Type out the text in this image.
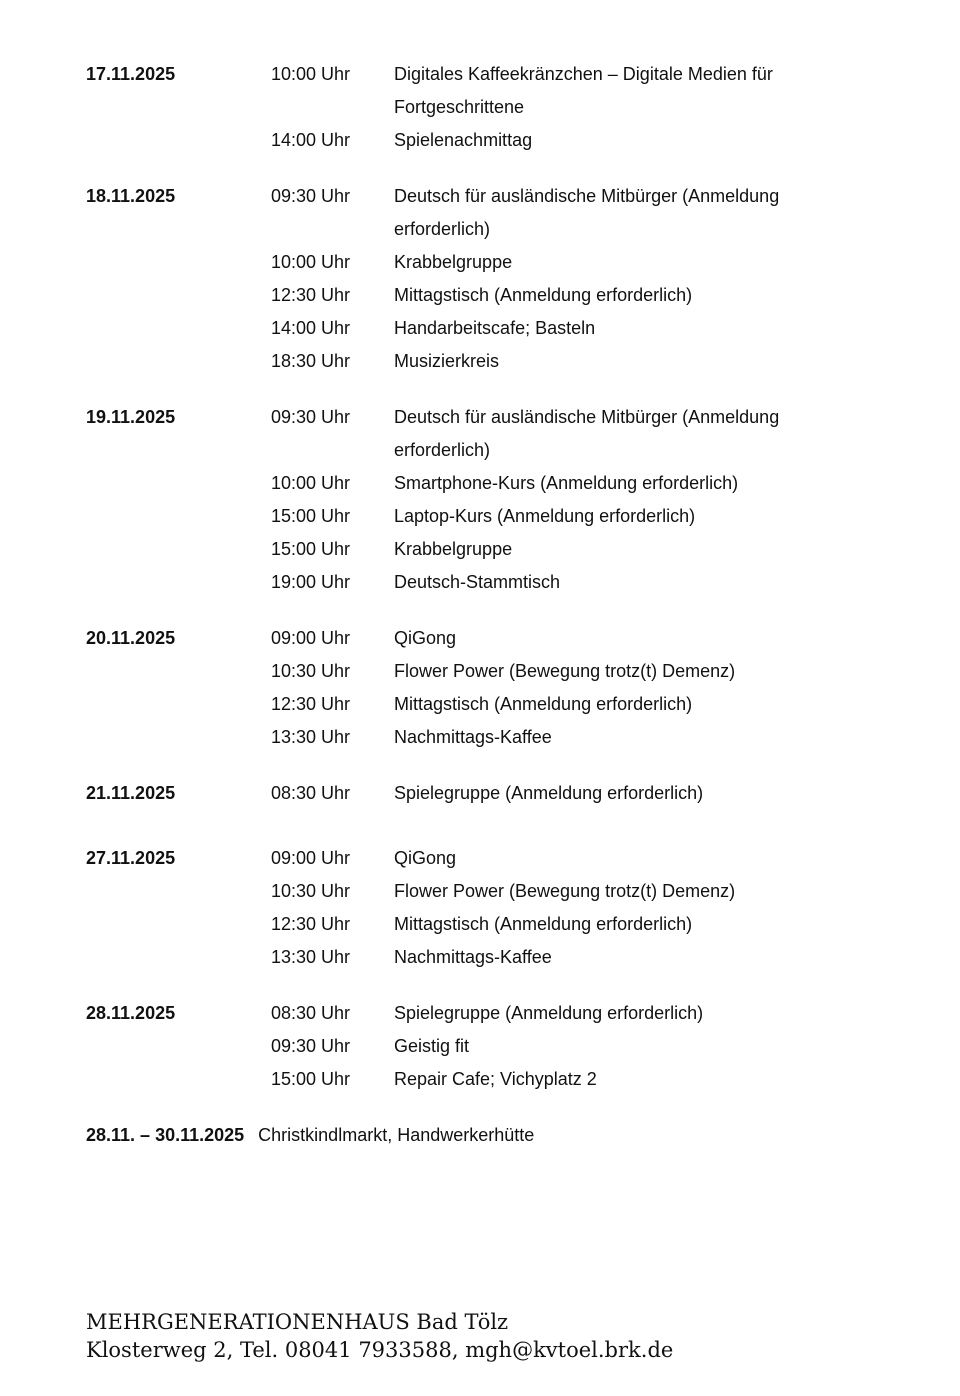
17.11.2025	10:00 Uhr	Digitales Kaffeekränzchen – Digitale Medien für Fortgeschrittene
14:00 Uhr	Spielenachmittag
18.11.2025	09:30 Uhr	Deutsch für ausländische Mitbürger (Anmeldung erforderlich)
10:00 Uhr	Krabbelgruppe
12:30 Uhr	Mittagstisch (Anmeldung erforderlich)
14:00 Uhr	Handarbeitscafe; Basteln
18:30 Uhr	Musizierkreis
19.11.2025	09:30 Uhr	Deutsch für ausländische Mitbürger (Anmeldung erforderlich)
10:00 Uhr	Smartphone-Kurs (Anmeldung erforderlich)
15:00 Uhr	Laptop-Kurs (Anmeldung erforderlich)
15:00 Uhr	Krabbelgruppe
19:00 Uhr	Deutsch-Stammtisch
20.11.2025	09:00 Uhr	QiGong
10:30 Uhr	Flower Power (Bewegung trotz(t) Demenz)
12:30 Uhr	Mittagstisch (Anmeldung erforderlich)
13:30 Uhr	Nachmittags-Kaffee
21.11.2025	08:30 Uhr	Spielegruppe (Anmeldung erforderlich)
27.11.2025	09:00 Uhr	QiGong
10:30 Uhr	Flower Power (Bewegung trotz(t) Demenz)
12:30 Uhr	Mittagstisch (Anmeldung erforderlich)
13:30 Uhr	Nachmittags-Kaffee
28.11.2025	08:30 Uhr	Spielegruppe (Anmeldung erforderlich)
09:30 Uhr	Geistig fit
15:00 Uhr	Repair Cafe; Vichyplatz 2
28.11. – 30.11.2025 Christkindlmarkt, Handwerkerhütte
MEHRGENERATIONENHAUS Bad Tölz
Klosterweg 2, Tel. 08041 7933588, mgh@kvtoel.brk.de
